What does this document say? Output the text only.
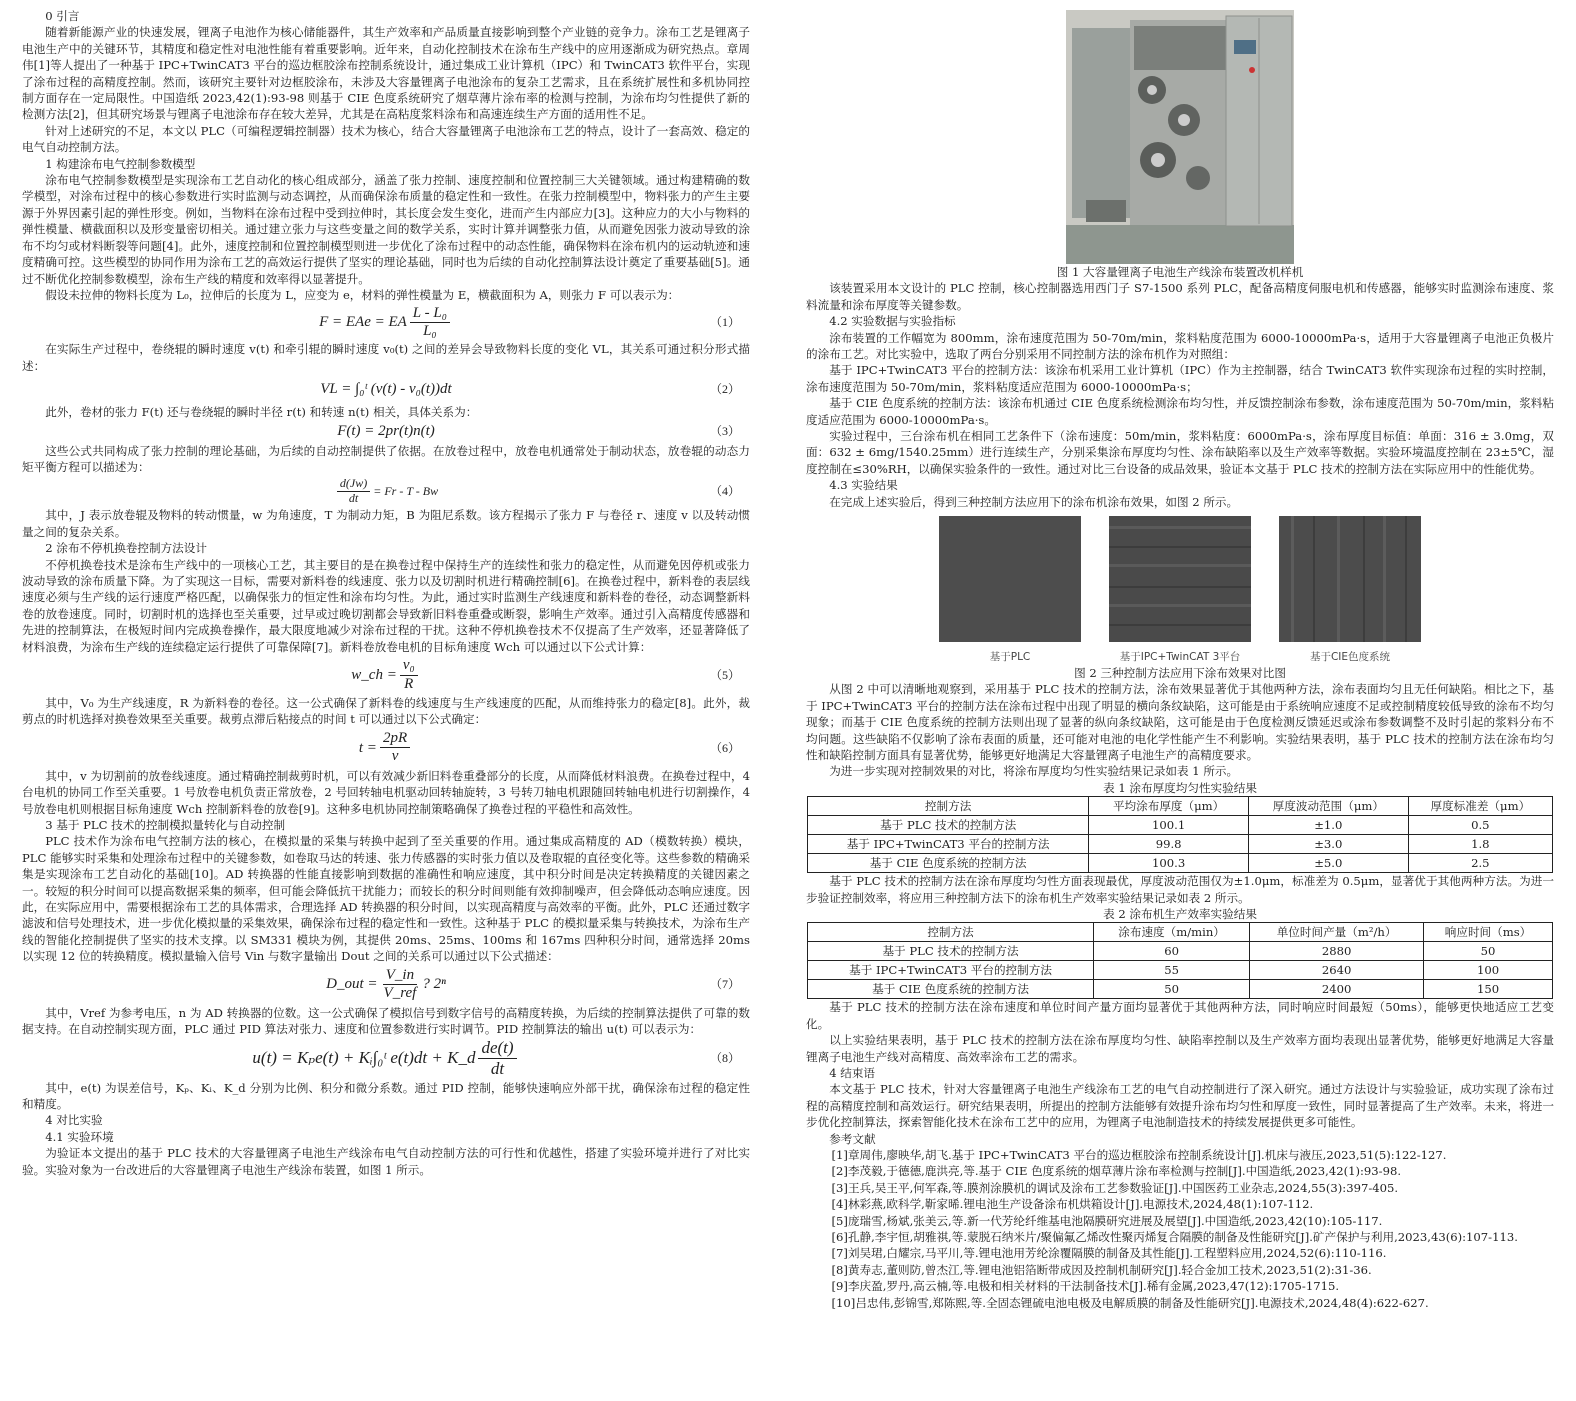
0 引言

随着新能源产业的快速发展，锂离子电池作为核心储能器件，其生产效率和产品质量直接影响到整个产业链的竞争力。涂布工艺是锂离子电池生产中的关键环节，其精度和稳定性对电池性能有着重要影响。近年来，自动化控制技术在涂布生产线中的应用逐渐成为研究热点。章周伟[1]等人提出了一种基于 IPC+TwinCAT3 平台的巡边框胶涂布控制系统设计，通过集成工业计算机（IPC）和 TwinCAT3 软件平台，实现了涂布过程的高精度控制。然而，该研究主要针对边框胶涂布，未涉及大容量锂离子电池涂布的复杂工艺需求，且在系统扩展性和多机协同控制方面存在一定局限性。中国造纸 2023,42(1):93-98 则基于 CIE 色度系统研究了烟草薄片涂布率的检测与控制，为涂布均匀性提供了新的检测方法[2]，但其研究场景与锂离子电池涂布存在较大差异，尤其是在高粘度浆料涂布和高速连续生产方面的适用性不足。

针对上述研究的不足，本文以 PLC（可编程逻辑控制器）技术为核心，结合大容量锂离子电池涂布工艺的特点，设计了一套高效、稳定的电气自动控制方法。

1 构建涂布电气控制参数模型

涂布电气控制参数模型是实现涂布工艺自动化的核心组成部分，涵盖了张力控制、速度控制和位置控制三大关键领域。通过构建精确的数学模型，对涂布过程中的核心参数进行实时监测与动态调控，从而确保涂布质量的稳定性和一致性。在张力控制模型中，物料张力的产生主要源于外界因素引起的弹性形变。例如，当物料在涂布过程中受到拉伸时，其长度会发生变化，进而产生内部应力[3]。这种应力的大小与物料的弹性模量、横截面积以及形变量密切相关。通过建立张力与这些变量之间的数学关系，实时计算并调整张力值，从而避免因张力波动导致的涂布不均匀或材料断裂等问题[4]。此外，速度控制和位置控制模型则进一步优化了涂布过程中的动态性能，确保物料在涂布机内的运动轨迹和速度精确可控。这些模型的协同作用为涂布工艺的高效运行提供了坚实的理论基础，同时也为后续的自动化控制算法设计奠定了重要基础[5]。通过不断优化控制参数模型，涂布生产线的精度和效率得以显著提升。

假设未拉伸的物料长度为 L₀，拉伸后的长度为 L，应变为 e，材料的弹性模量为 E，横截面积为 A，则张力 F 可以表示为：

F = EAe = EA $\frac{\text{L - L₀}}{\text{L₀}}$	（1）

在实际生产过程中，卷绕辊的瞬时速度 v(t) 和牵引辊的瞬时速度 v₀(t) 之间的差异会导致物料长度的变化 VL，其关系可通过积分形式描述：

VL = ∫₀ᵗ (v(t) - v₀(t))dt	（2）

此外，卷材的张力 F(t) 还与卷绕辊的瞬时半径 r(t) 和转速 n(t) 相关，具体关系为：

F(t) = 2pr(t)n(t)	（3）

这些公式共同构成了张力控制的理论基础，为后续的自动控制提供了依据。在放卷过程中，放卷电机通常处于制动状态，放卷辊的动态力矩平衡方程可以描述为：

$\frac{d(Jw)}{dt} = Fr - T - Bw$	（4）

其中，J 表示放卷辊及物料的转动惯量，w 为角速度，T 为制动力矩，B 为阻尼系数。该方程揭示了张力 F 与卷径 r、速度 v 以及转动惯量之间的复杂关系。

2 涂布不停机换卷控制方法设计

不停机换卷技术是涂布生产线中的一项核心工艺，其主要目的是在换卷过程中保持生产的连续性和张力的稳定性，从而避免因停机或张力波动导致的涂布质量下降。为了实现这一目标，需要对新料卷的线速度、张力以及切割时机进行精确控制[6]。在换卷过程中，新料卷的表层线速度必须与生产线的运行速度严格匹配，以确保张力的恒定性和涂布均匀性。为此，通过实时监测生产线速度和新料卷的卷径，动态调整新料卷的放卷速度。同时，切割时机的选择也至关重要，过早或过晚切割都会导致新旧料卷重叠或断裂，影响生产效率。通过引入高精度传感器和先进的控制算法，在极短时间内完成换卷操作，最大限度地减少对涂布过程的干扰。这种不停机换卷技术不仅提高了生产效率，还显著降低了材料浪费，为涂布生产线的连续稳定运行提供了可靠保障[7]。新料卷放卷电机的目标角速度 Wch 可以通过以下公式计算：

w_ch = $\frac{\text{v₀}}{R}$	（5）

其中，V₀ 为生产线速度，R 为新料卷的卷径。这一公式确保了新料卷的线速度与生产线速度的匹配，从而维持张力的稳定[8]。此外，裁剪点的时机选择对换卷效果至关重要。裁剪点滞后粘接点的时间 t 可以通过以下公式确定：

$t = \frac{2pR}{v}$	（6）

其中，v 为切割前的放卷线速度。通过精确控制裁剪时机，可以有效减少新旧料卷重叠部分的长度，从而降低材料浪费。在换卷过程中，4 台电机的协同工作至关重要。1 号放卷电机负责正常放卷，2 号回转轴电机驱动回转轴旋转，3 号转刀轴电机跟随回转轴电机进行切割操作，4 号放卷电机则根据目标角速度 Wch 控制新料卷的放卷[9]。这种多电机协同控制策略确保了换卷过程的平稳性和高效性。

3 基于 PLC 技术的控制模拟量转化与自动控制

PLC 技术作为涂布电气控制方法的核心，在模拟量的采集与转换中起到了至关重要的作用。通过集成高精度的 AD（模数转换）模块，PLC 能够实时采集和处理涂布过程中的关键参数，如卷取马达的转速、张力传感器的实时张力值以及卷取辊的直径变化等。这些参数的精确采集是实现涂布工艺自动化的基础[10]。AD 转换器的性能直接影响到数据的准确性和响应速度，其中积分时间是决定转换精度的关键因素之一。较短的积分时间可以提高数据采集的频率，但可能会降低抗干扰能力；而较长的积分时间则能有效抑制噪声，但会降低动态响应速度。因此，在实际应用中，需要根据涂布工艺的具体需求，合理选择 AD 转换器的积分时间，以实现高精度与高效率的平衡。此外，PLC 还通过数字滤波和信号处理技术，进一步优化模拟量的采集效果，确保涂布过程的稳定性和一致性。这种基于 PLC 的模拟量采集与转换技术，为涂布生产线的智能化控制提供了坚实的技术支撑。以 SM331 模块为例，其提供 20ms、25ms、100ms 和 167ms 四种积分时间，通常选择 20ms 以实现 12 位的转换精度。模拟量输入信号 Vin 与数字量输出 Dout 之间的关系可以通过以下公式描述：

D_out = $\frac{V\_in}{\text{V\_ref}}$ ? 2ⁿ	（7）

其中，Vref 为参考电压，n 为 AD 转换器的位数。这一公式确保了模拟信号到数字信号的高精度转换，为后续的控制算法提供了可靠的数据支持。在自动控制实现方面，PLC 通过 PID 算法对张力、速度和位置参数进行实时调节。PID 控制算法的输出 u(t) 可以表示为：

u(t) = Kₚe(t) + Kᵢ∫₀ᵗ e(t)dt + K_d $\frac{de(t)}{dt}$	（8）

其中，e(t) 为误差信号，Kₚ、Kᵢ、K_d 分别为比例、积分和微分系数。通过 PID 控制，能够快速响应外部干扰，确保涂布过程的稳定性和精度。

4 对比实验

4.1 实验环境

为验证本文提出的基于 PLC 技术的大容量锂离子电池生产线涂布电气自动控制方法的可行性和优越性，搭建了实验环境并进行了对比实验。实验对象为一台改进后的大容量锂离子电池生产线涂布装置，如图 1 所示。

图 1 大容量锂离子电池生产线涂布装置改机样机

该装置采用本文设计的 PLC 控制，核心控制器选用西门子 S7-1500 系列 PLC，配备高精度伺服电机和传感器，能够实时监测涂布速度、浆料流量和涂布厚度等关键参数。

4.2 实验数据与实验指标

涂布装置的工作幅宽为 800mm，涂布速度范围为 50-70m/min，浆料粘度范围为 6000-10000mPa·s，适用于大容量锂离子电池正负极片的涂布工艺。对比实验中，选取了两台分别采用不同控制方法的涂布机作为对照组：

基于 IPC+TwinCAT3 平台的控制方法：该涂布机采用工业计算机（IPC）作为主控制器，结合 TwinCAT3 软件实现涂布过程的实时控制，涂布速度范围为 50-70m/min，浆料粘度适应范围为 6000-10000mPa·s；

基于 CIE 色度系统的控制方法：该涂布机通过 CIE 色度系统检测涂布均匀性，并反馈控制涂布参数，涂布速度范围为 50-70m/min，浆料粘度适应范围为 6000-10000mPa·s。

实验过程中，三台涂布机在相同工艺条件下（涂布速度：50m/min，浆料粘度：6000mPa·s，涂布厚度目标值：单面：316 ± 3.0mg，双面：632 ± 6mg/1540.25mm）进行连续生产，分别采集涂布厚度均匀性、涂布缺陷率以及生产效率等数据。实验环境温度控制在 23±5℃，湿度控制在≤30%RH，以确保实验条件的一致性。通过对比三台设备的成品效果，验证本文基于 PLC 技术的控制方法在实际应用中的性能优势。

4.3 实验结果

在完成上述实验后，得到三种控制方法应用下的涂布机涂布效果，如图 2 所示。

基于PLC	基于IPC+TwinCAT 3平台	基于CIE色度系统
图 2 三种控制方法应用下涂布效果对比图

从图 2 中可以清晰地观察到，采用基于 PLC 技术的控制方法，涂布效果显著优于其他两种方法，涂布表面均匀且无任何缺陷。相比之下，基于 IPC+TwinCAT3 平台的控制方法在涂布过程中出现了明显的横向条纹缺陷，这可能是由于系统响应速度不足或控制精度较低导致的涂布不均匀现象；而基于 CIE 色度系统的控制方法则出现了显著的纵向条纹缺陷，这可能是由于色度检测反馈延迟或涂布参数调整不及时引起的浆料分布不均问题。这些缺陷不仅影响了涂布表面的质量，还可能对电池的电化学性能产生不利影响。实验结果表明，基于 PLC 技术的控制方法在涂布均匀性和缺陷控制方面具有显著优势，能够更好地满足大容量锂离子电池生产的高精度要求。

为进一步实现对控制效果的对比，将涂布厚度均匀性实验结果记录如表 1 所示。

表 1 涂布厚度均匀性实验结果
控制方法	平均涂布厚度（μm）	厚度波动范围（μm）	厚度标准差（μm）
基于 PLC 技术的控制方法	100.1	±1.0	0.5
基于 IPC+TwinCAT3 平台的控制方法	99.8	±3.0	1.8
基于 CIE 色度系统的控制方法	100.3	±5.0	2.5

基于 PLC 技术的控制方法在涂布厚度均匀性方面表现最优，厚度波动范围仅为±1.0μm，标准差为 0.5μm，显著优于其他两种方法。为进一步验证控制效率，将应用三种控制方法下的涂布机生产效率实验结果记录如表 2 所示。

表 2 涂布机生产效率实验结果
控制方法	涂布速度（m/min）	单位时间产量（m²/h）	响应时间（ms）
基于 PLC 技术的控制方法	60	2880	50
基于 IPC+TwinCAT3 平台的控制方法	55	2640	100
基于 CIE 色度系统的控制方法	50	2400	150

基于 PLC 技术的控制方法在涂布速度和单位时间产量方面均显著优于其他两种方法，同时响应时间最短（50ms），能够更快地适应工艺变化。

以上实验结果表明，基于 PLC 技术的控制方法在涂布厚度均匀性、缺陷率控制以及生产效率方面均表现出显著优势，能够更好地满足大容量锂离子电池生产线对高精度、高效率涂布工艺的需求。

4 结束语

本文基于 PLC 技术，针对大容量锂离子电池生产线涂布工艺的电气自动控制进行了深入研究。通过方法设计与实验验证，成功实现了涂布过程的高精度控制和高效运行。研究结果表明，所提出的控制方法能够有效提升涂布均匀性和厚度一致性，同时显著提高了生产效率。未来，将进一步优化控制算法，探索智能化技术在涂布工艺中的应用，为锂离子电池制造技术的持续发展提供更多可能性。

参考文献

[1]章周伟,廖映华,胡飞.基于 IPC+TwinCAT3 平台的巡边框胶涂布控制系统设计[J].机床与液压,2023,51(5):122-127.
[2]李茂毅,于德德,鹿洪亮,等.基于 CIE 色度系统的烟草薄片涂布率检测与控制[J].中国造纸,2023,42(1):93-98.
[3]王兵,吴王平,何军森,等.膜剂涂膜机的调试及涂布工艺参数验证[J].中国医药工业杂志,2024,55(3):397-405.
[4]林彩燕,欧科学,靳家晞.锂电池生产设备涂布机烘箱设计[J].电源技术,2024,48(1):107-112.
[5]庞瑞雪,杨斌,张美云,等.新一代芳纶纤维基电池隔膜研究进展及展望[J].中国造纸,2023,42(10):105-117.
[6]孔静,李宇恒,胡雅祺,等.蒙脱石纳米片/聚偏氟乙烯改性聚丙烯复合隔膜的制备及性能研究[J].矿产保护与利用,2023,43(6):107-113.
[7]刘吴珺,白耀宗,马平川,等.锂电池用芳纶涂覆隔膜的制备及其性能[J].工程塑料应用,2024,52(6):110-116.
[8]黄寿志,董则防,曾杰江,等.锂电池铝箔断带成因及控制机制研究[J].轻合金加工技术,2023,51(2):31-36.
[9]李庆盈,罗丹,高云楠,等.电极和相关材料的干法制备技术[J].稀有金属,2023,47(12):1705-1715.
[10]吕忠伟,彭锦雪,郑陈熙,等.全固态锂硫电池电极及电解质膜的制备及性能研究[J].电源技术,2024,48(4):622-627.
